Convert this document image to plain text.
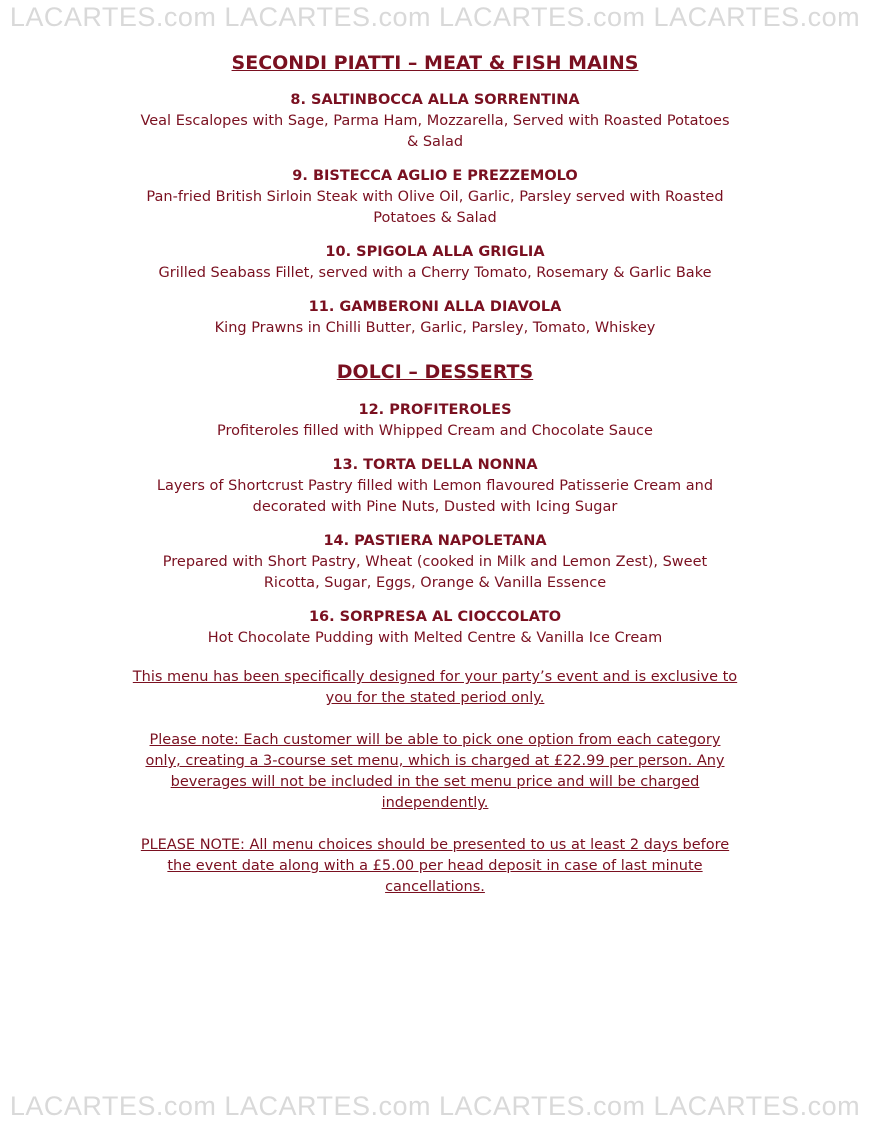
LACARTES.com LACARTES.com LACARTES.com LACARTES.com
SECONDI PIATTI – MEAT & FISH MAINS
8. SALTINBOCCA ALLA SORRENTINA
Veal Escalopes with Sage, Parma Ham, Mozzarella, Served with Roasted Potatoes
& Salad
9. BISTECCA AGLIO E PREZZEMOLO
Pan-fried British Sirloin Steak with Olive Oil, Garlic, Parsley served with Roasted
Potatoes & Salad
10. SPIGOLA ALLA GRIGLIA
Grilled Seabass Fillet, served with a Cherry Tomato, Rosemary & Garlic Bake
11. GAMBERONI ALLA DIAVOLA
King Prawns in Chilli Butter, Garlic, Parsley, Tomato, Whiskey
DOLCI – DESSERTS
12. PROFITEROLES
Profiteroles filled with Whipped Cream and Chocolate Sauce
13. TORTA DELLA NONNA
Layers of Shortcrust Pastry filled with Lemon flavoured Patisserie Cream and
decorated with Pine Nuts, Dusted with Icing Sugar
14. PASTIERA NAPOLETANA
Prepared with Short Pastry, Wheat (cooked in Milk and Lemon Zest), Sweet
Ricotta, Sugar, Eggs, Orange & Vanilla Essence
16. SORPRESA AL CIOCCOLATO
Hot Chocolate Pudding with Melted Centre & Vanilla Ice Cream
This menu has been specifically designed for your party’s event and is exclusive to
you for the stated period only.
Please note: Each customer will be able to pick one option from each category
only, creating a 3-course set menu, which is charged at £22.99 per person. Any
beverages will not be included in the set menu price and will be charged
independently.
PLEASE NOTE: All menu choices should be presented to us at least 2 days before
the event date along with a £5.00 per head deposit in case of last minute
cancellations.
LACARTES.com LACARTES.com LACARTES.com LACARTES.com
